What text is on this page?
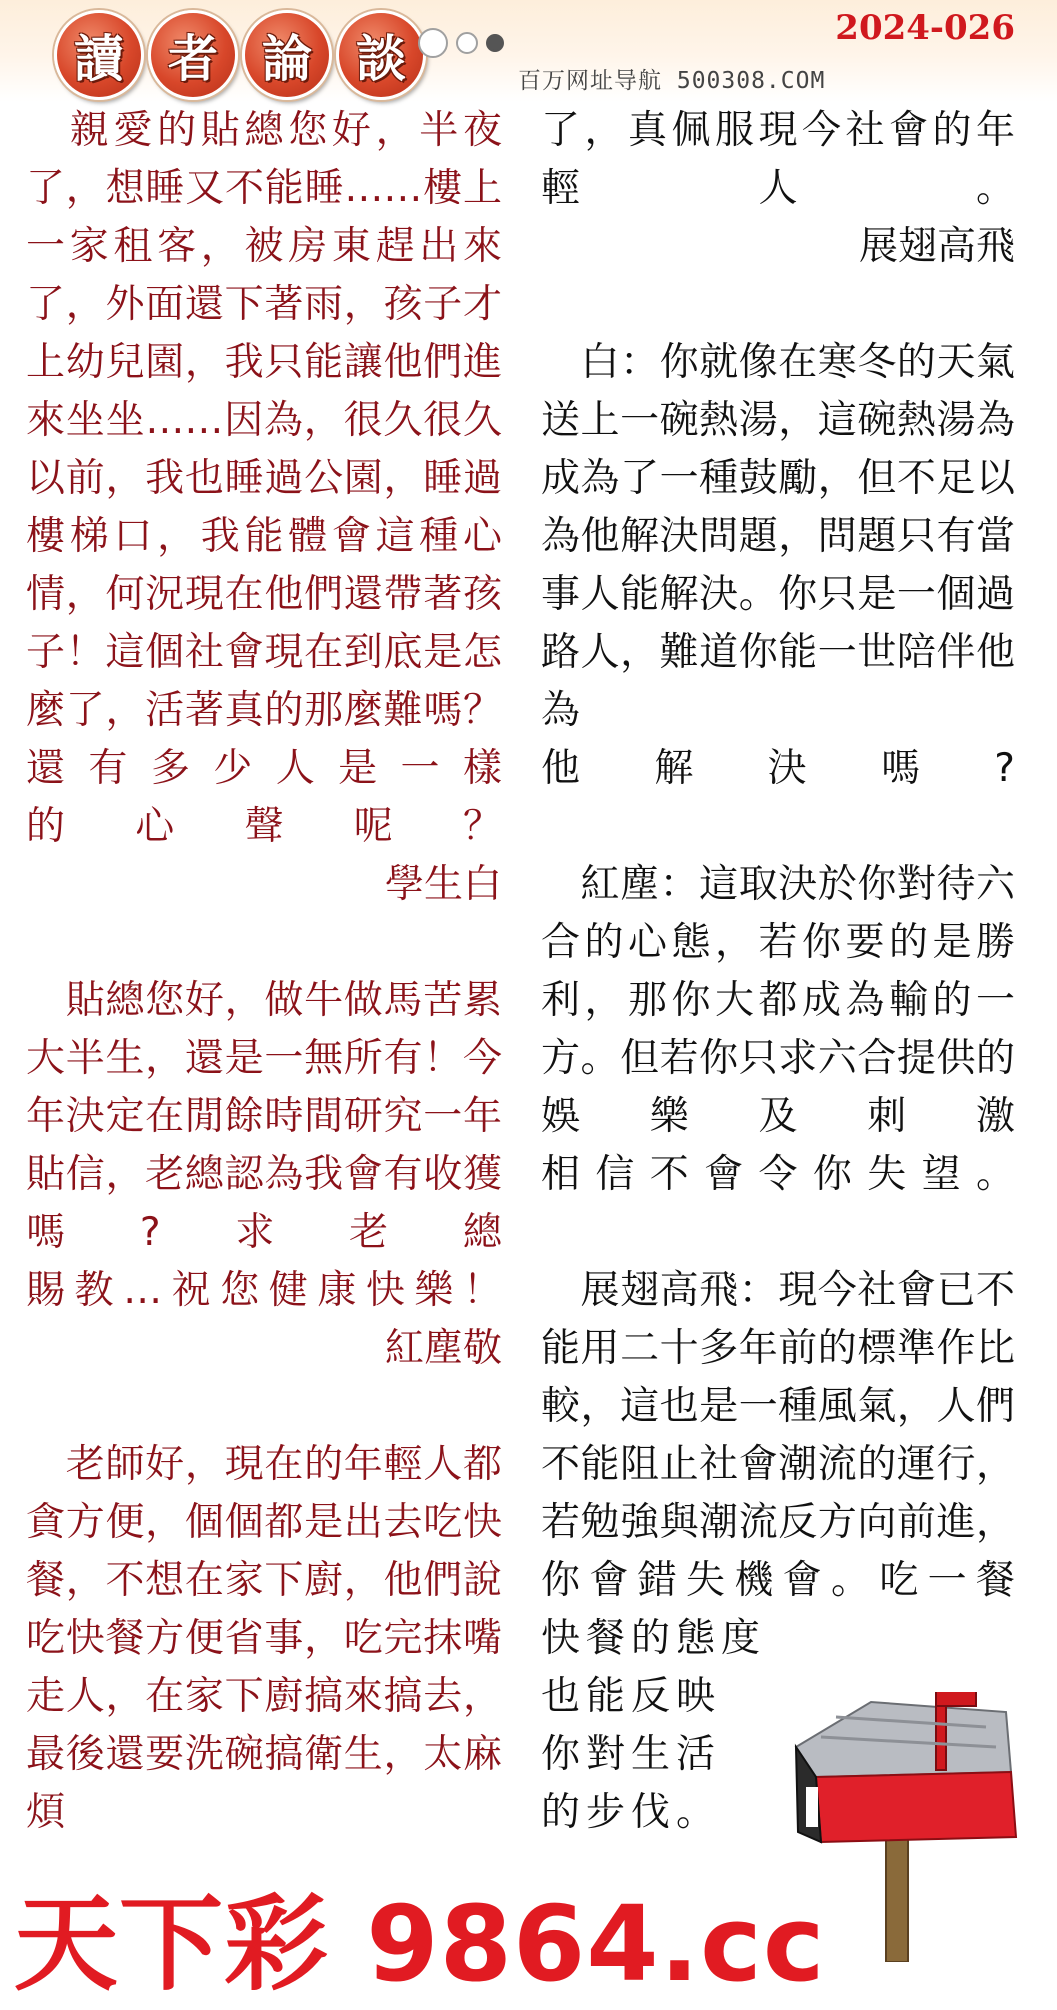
讀 者 論 談
2024-026
百万网址导航 500308.COM

　親愛的貼總您好，半夜了，想睡又不能睡……樓上一家租客，被房東趕出來了，外面還下著雨，孩子才上幼兒園，我只能讓他們進來坐坐……因為，很久很久以前，我也睡過公園，睡過樓梯口，我能體會這種心情，何況現在他們還帶著孩子！這個社會現在到底是怎麼了，活著真的那麼難嗎？還有多少人是一樣
的心聲呢？

學生白

　貼總您好，做牛做馬苦累大半生，還是一無所有！今年決定在閒餘時間研究一年貼信，老總認為我會有收獲嗎?求老總
賜教…祝您健康快樂！

紅塵敬

　老師好，現在的年輕人都貪方便，個個都是出去吃快餐，不想在家下廚，他們說吃快餐方便省事，吃完抹嘴走人，在家下廚搞來搞去，最後還要洗碗搞衛生，太麻煩

了，真佩服現今社會的年
輕人。

展翅高飛

　白：你就像在寒冬的天氣送上一碗熱湯，這碗熱湯為成為了一種鼓勵，但不足以為他解決問題，問題只有當事人能解決。你只是一個過路人，難道你能一世陪伴他為
他解決嗎?

　紅塵：這取決於你對待六合的心態，若你要的是勝利，那你大都成為輸的一方。但若你只求六合提供的娛樂及刺激
相信不會令你失望。

　展翅高飛：現今社會已不能用二十多年前的標準作比較，這也是一種風氣，人們不能阻止社會潮流的運行，若勉強與潮流反方向前進，
你會錯失機會。吃一餐

快餐的態度

也能反映

你對生活

的步伐。

天下彩 9864.cc
